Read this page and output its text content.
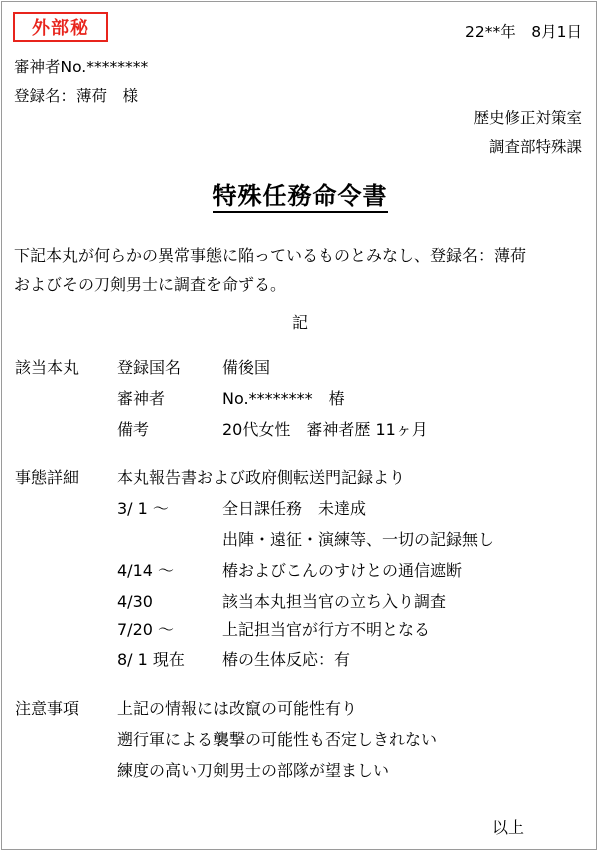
外部秘	22**年　8月1日
審神者No.********
登録名：薄荷　様
歴史修正対策室
調査部特殊課
特殊任務命令書
下記本丸が何らかの異常事態に陥っているものとみなし、登録名：薄荷
およびその刀剣男士に調査を命ずる。
記
該当本丸 登録国名	備後国
審神者	No.********　椿
備考	20代女性　審神者歴 11ヶ月
事態詳細 本丸報告書および政府側転送門記録より
3/ 1 ～	全日課任務　未達成
出陣・遠征・演練等、一切の記録無し
4/14 ～	椿およびこんのすけとの通信遮断
4/30	該当本丸担当官の立ち入り調査
7/20 ～	上記担当官が行方不明となる
8/ 1 現在 椿の生体反応：有
注意事項 上記の情報には改竄の可能性有り
遡行軍による襲撃の可能性も否定しきれない
練度の高い刀剣男士の部隊が望ましい
以上
